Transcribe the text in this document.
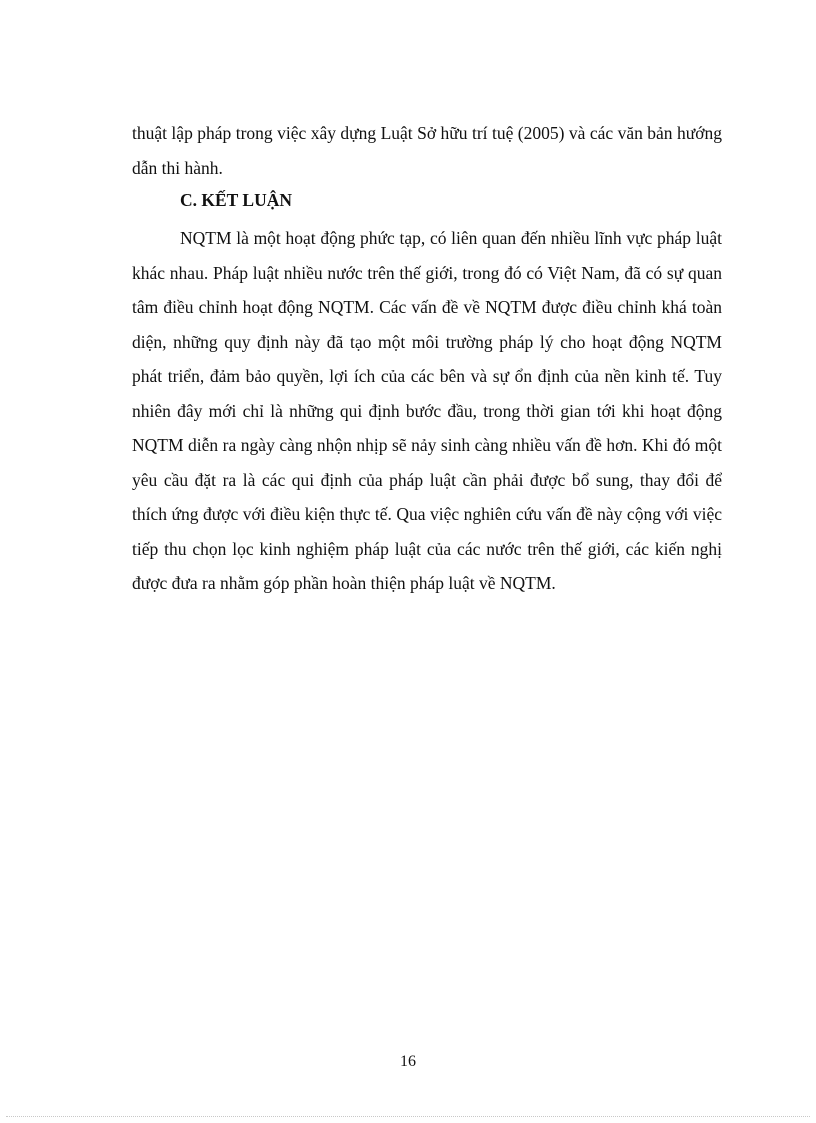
thuật lập pháp trong việc xây dựng Luật Sở hữu trí tuệ (2005) và các văn bản hướng dẫn thi hành.

C. KẾT LUẬN

NQTM là một hoạt động phức tạp, có liên quan đến nhiều lĩnh vực pháp luật khác nhau. Pháp luật nhiều nước trên thế giới, trong đó có Việt Nam, đã có sự quan tâm điều chỉnh hoạt động NQTM. Các vấn đề về NQTM được điều chỉnh khá toàn diện, những quy định này đã tạo một môi trường pháp lý cho hoạt động NQTM phát triển, đảm bảo quyền, lợi ích của các bên và sự ổn định của nền kinh tế. Tuy nhiên đây mới chỉ là những qui định bước đầu, trong thời gian tới khi hoạt động NQTM diễn ra ngày càng nhộn nhịp sẽ nảy sinh càng nhiều vấn đề hơn. Khi đó một yêu cầu đặt ra là các qui định của pháp luật cần phải được bổ sung, thay đổi để thích ứng được với điều kiện thực tế. Qua việc nghiên cứu vấn đề này cộng với việc tiếp thu chọn lọc kinh nghiệm pháp luật của các nước trên thế giới, các kiến nghị được đưa ra nhằm góp phần hoàn thiện pháp luật về NQTM.

16
